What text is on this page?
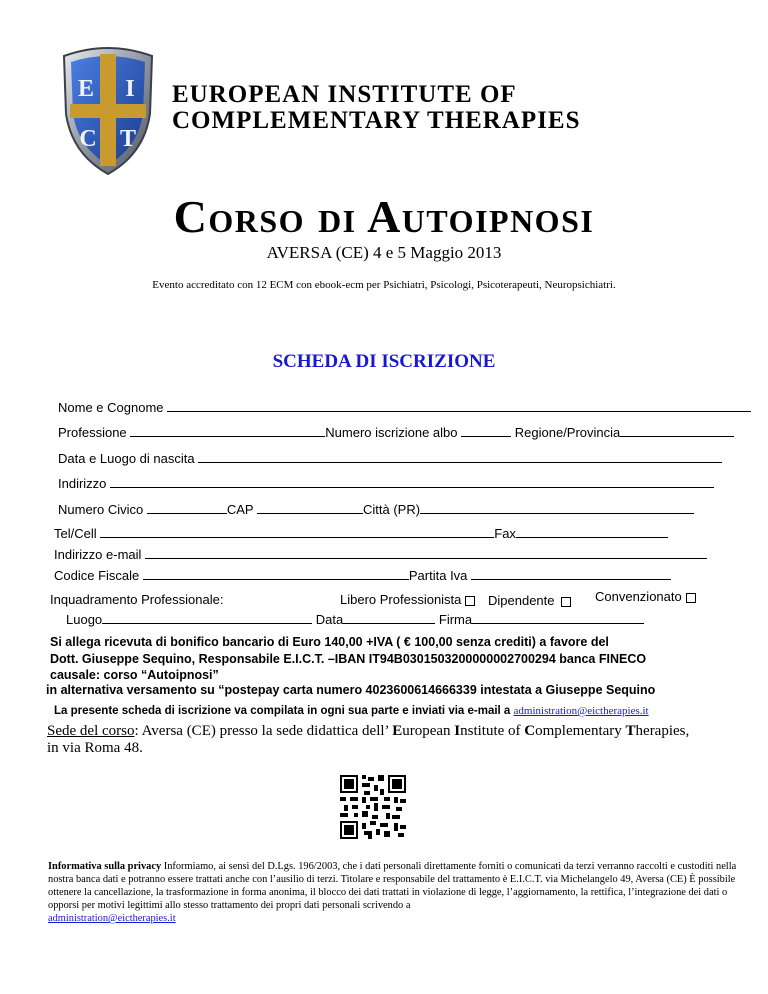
E I
C T
EUROPEAN INSTITUTE OF
COMPLEMENTARY THERAPIES
Corso di Autoipnosi
AVERSA (CE) 4 e 5 Maggio 2013
Evento accreditato con 12 ECM con ebook-ecm per Psichiatri, Psicologi, Psicoterapeuti, Neuropsichiatri.
SCHEDA DI ISCRIZIONE
Nome e Cognome
Professione	Numero iscrizione albo	Regione/Provincia
Data e Luogo di nascita
Indirizzo
Numero Civico	CAP	Città (PR)
Tel/Cell	Fax
Indirizzo e-mail
Codice Fiscale	Partita Iva
Inquadramento Professionale:	Libero Professionista	Dipendente	Convenzionato
Luogo	Data	Firma
Si allega ricevuta di bonifico bancario di Euro 140,00 +IVA ( € 100,00 senza crediti) a favore del
Dott. Giuseppe Sequino, Responsabile E.I.C.T. –IBAN IT94B0301503200000002700294 banca FINECO
causale: corso “Autoipnosi”
in alternativa versamento su “postepay carta numero 4023600614666339 intestata a Giuseppe Sequino
La presente scheda di iscrizione va compilata in ogni sua parte e inviati via e-mail a administration@eictherapies.it
Sede del corso: Aversa (CE) presso la sede didattica dell’ European Institute of Complementary Therapies,
in via Roma 48.
Informativa sulla privacy Informiamo, ai sensi del D.Lgs. 196/2003, che i dati personali direttamente forniti o comunicati da terzi verranno raccolti e custoditi nella nostra banca dati e potranno essere trattati anche con l’ausilio di terzi. Titolare e responsabile del trattamento è E.I.C.T. via Michelangelo 49, Aversa (CE) È possibile ottenere la cancellazione, la trasformazione in forma anonima, il blocco dei dati trattati in violazione di legge, l’aggiornamento, la rettifica, l’integrazione dei dati o opporsi per motivi legittimi allo stesso trattamento dei propri dati personali scrivendo a
administration@eictherapies.it
